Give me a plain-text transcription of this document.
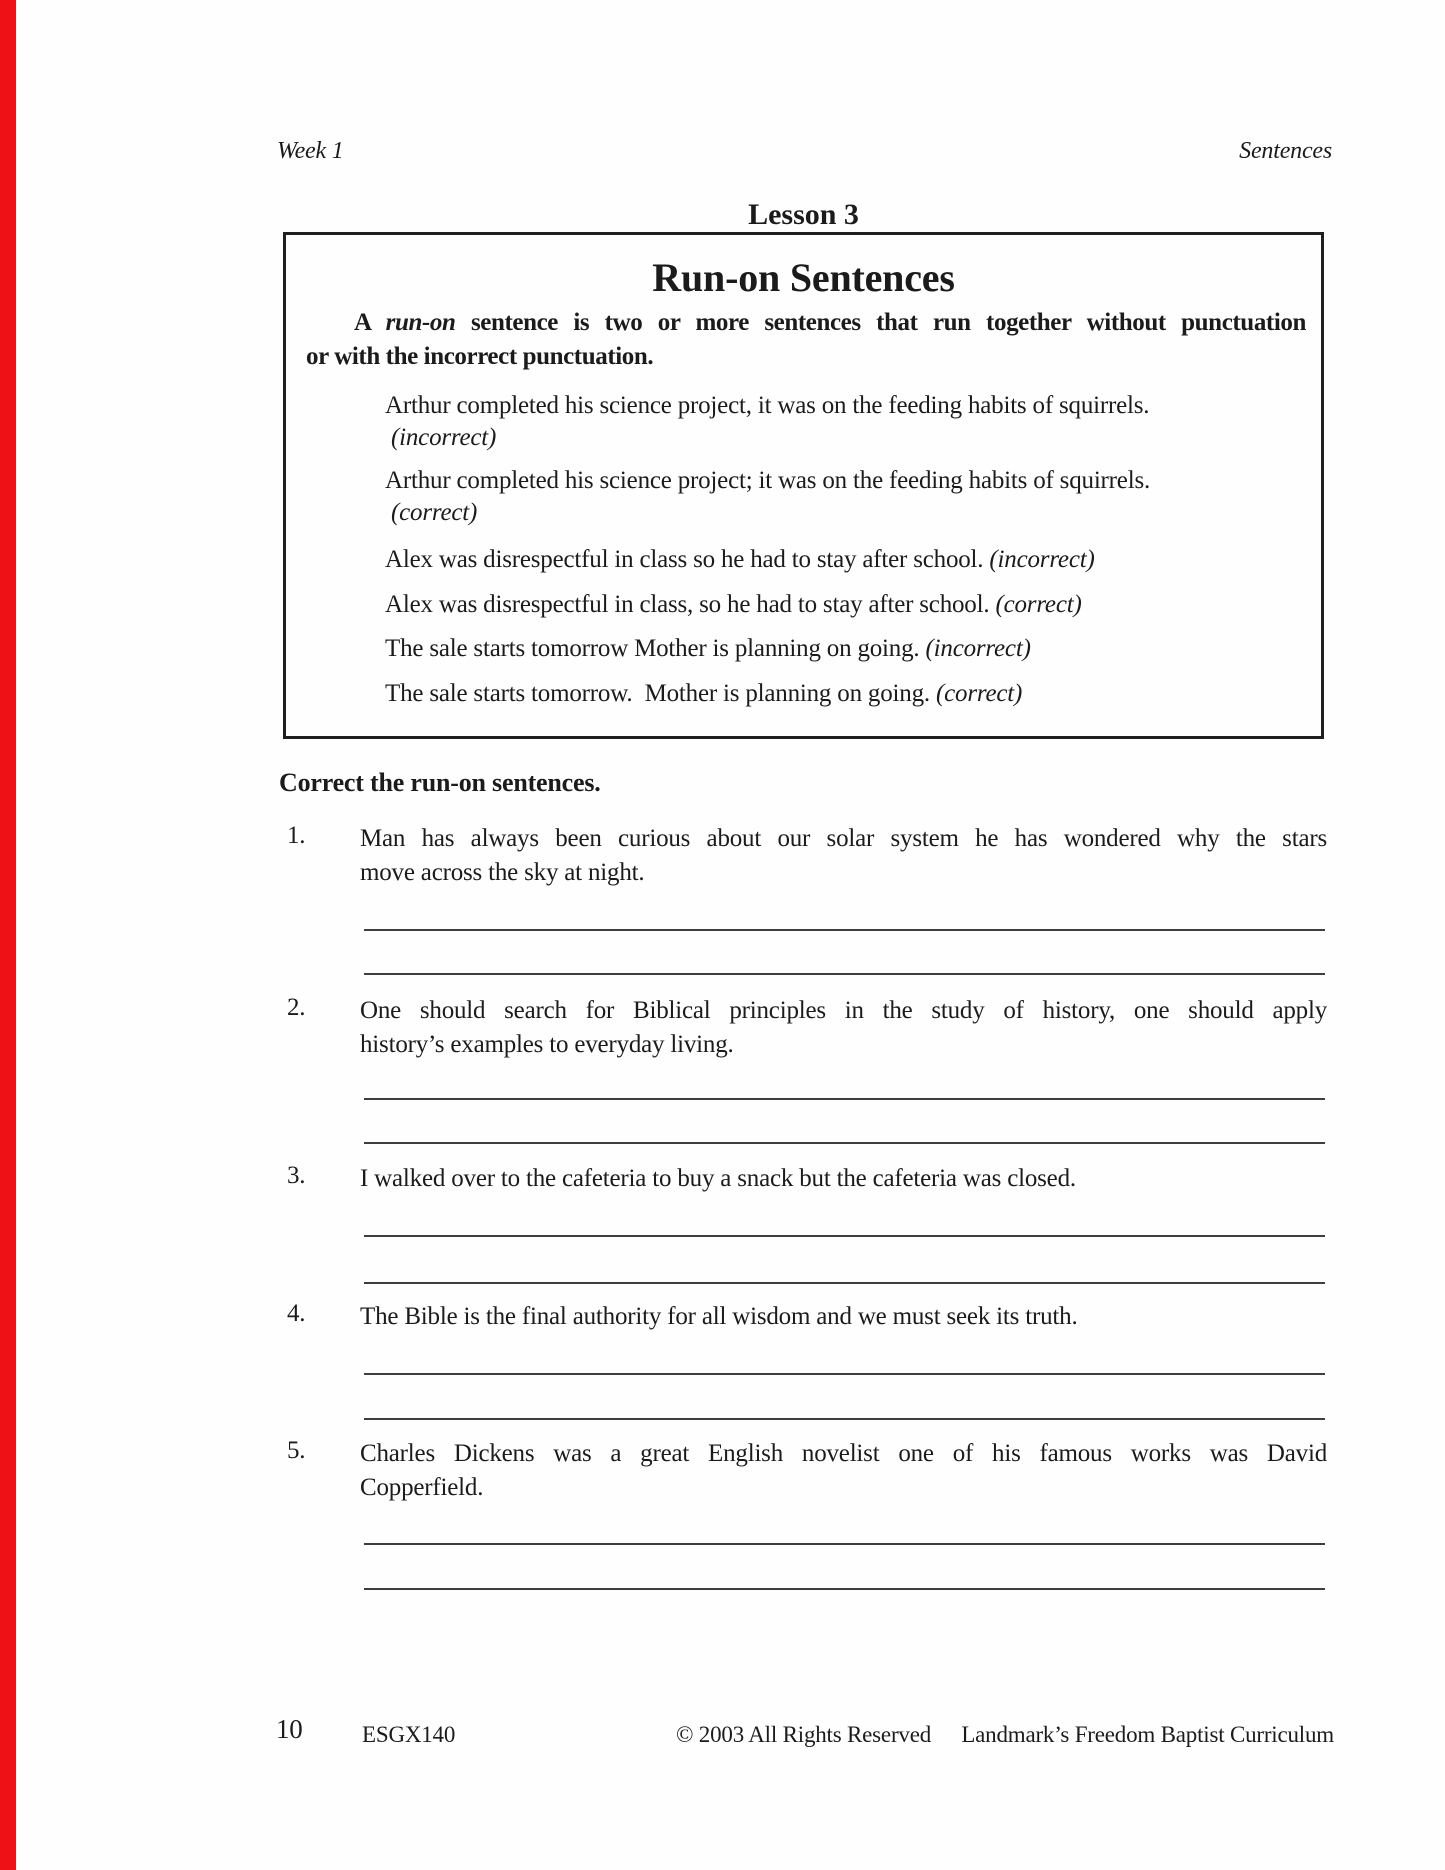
Week 1	Sentences
Lesson 3
Run-on Sentences
A run-on sentence is two or more sentences that run together without punctuation
or with the incorrect punctuation.
Arthur completed his science project, it was on the feeding habits of squirrels.
(incorrect)
Arthur completed his science project; it was on the feeding habits of squirrels.
(correct)
Alex was disrespectful in class so he had to stay after school. (incorrect)
Alex was disrespectful in class, so he had to stay after school. (correct)
The sale starts tomorrow Mother is planning on going. (incorrect)
The sale starts tomorrow.  Mother is planning on going. (correct)
Correct the run-on sentences.
1.	Man has always been curious about our solar system he has wondered why the stars
move across the sky at night.
2.	One should search for Biblical principles in the study of history, one should apply
history’s examples to everyday living.
3.	I walked over to the cafeteria to buy a snack but the cafeteria was closed.
4.	The Bible is the final authority for all wisdom and we must seek its truth.
5.	Charles Dickens was a great English novelist one of his famous works was David
Copperfield.
10	ESGX140	© 2003 All Rights Reserved	Landmark’s Freedom Baptist Curriculum
